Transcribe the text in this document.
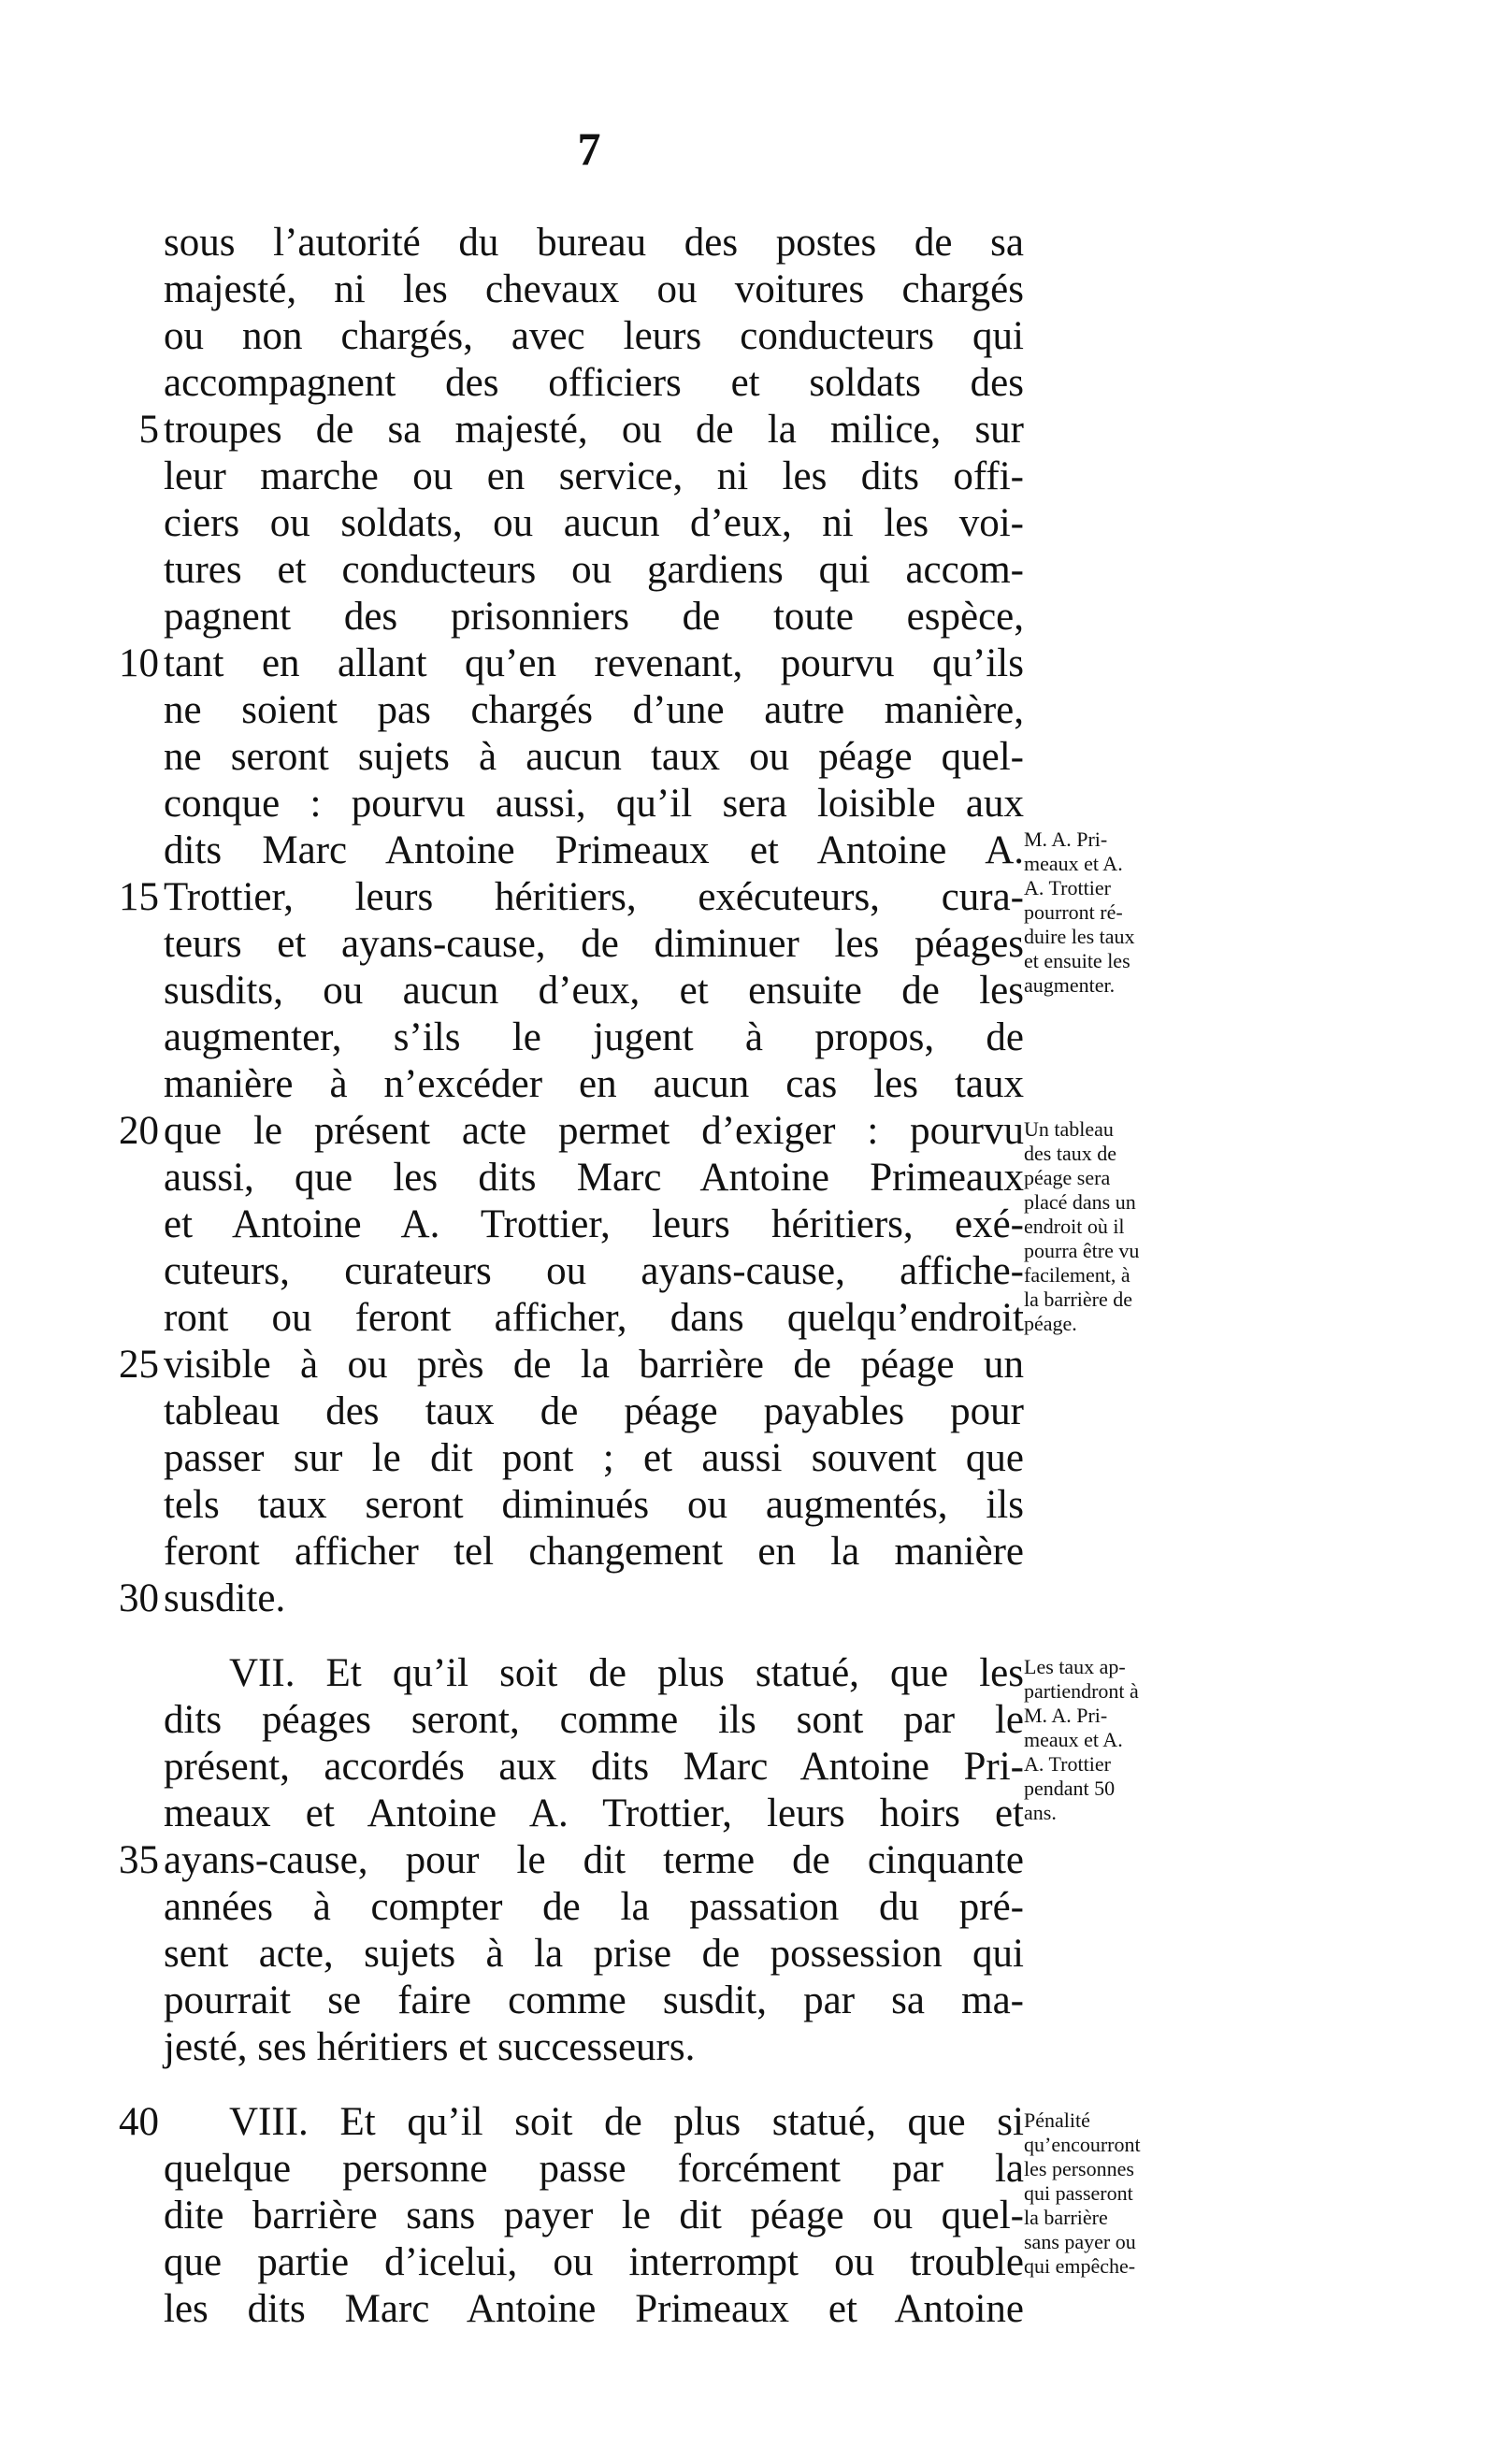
7
sous l’autorité du bureau des postes de sa
majesté, ni les chevaux ou voitures chargés
ou non chargés, avec leurs conducteurs qui
accompagnent des officiers et soldats des
troupes de sa majesté, ou de la milice, sur
5
leur marche ou en service, ni les dits offi-
ciers ou soldats, ou aucun d’eux, ni les voi-
tures et conducteurs ou gardiens qui accom-
pagnent des prisonniers de toute espèce,
tant en allant qu’en revenant, pourvu qu’ils
10
ne soient pas chargés d’une autre manière,
ne seront sujets à aucun taux ou péage quel-
conque : pourvu aussi, qu’il sera loisible aux
dits Marc Antoine Primeaux et Antoine A.
Trottier, leurs héritiers, exécuteurs, cura-
15
teurs et ayans-cause, de diminuer les péages
susdits, ou aucun d’eux, et ensuite de les
augmenter, s’ils le jugent à propos, de
manière à n’excéder en aucun cas les taux
que le présent acte permet d’exiger : pourvu
20
aussi, que les dits Marc Antoine Primeaux
et Antoine A. Trottier, leurs héritiers, exé-
cuteurs, curateurs ou ayans-cause, affiche-
ront ou feront afficher, dans quelqu’endroit
visible à ou près de la barrière de péage un
25
tableau des taux de péage payables pour
passer sur le dit pont ; et aussi souvent que
tels taux seront diminués ou augmentés, ils
feront afficher tel changement en la manière
susdite.
30
VII. Et qu’il soit de plus statué, que les
dits péages seront, comme ils sont par le
présent, accordés aux dits Marc Antoine Pri-
meaux et Antoine A. Trottier, leurs hoirs et
ayans-cause, pour le dit terme de cinquante
35
années à compter de la passation du pré-
sent acte, sujets à la prise de possession qui
pourrait se faire comme susdit, par sa ma-
jesté, ses héritiers et successeurs.
VIII. Et qu’il soit de plus statué, que si
40
quelque personne passe forcément par la
dite barrière sans payer le dit péage ou quel-
que partie d’icelui, ou interrompt ou trouble
les dits Marc Antoine Primeaux et Antoine
M. A. Pri-
meaux et A.
A. Trottier
pourront ré-
duire les taux
et ensuite les
augmenter.
Un tableau
des taux de
péage sera
placé dans un
endroit où il
pourra être vu
facilement, à
la barrière de
péage.
Les taux ap-
partiendront à
M. A. Pri-
meaux et A.
A. Trottier
pendant 50
ans.
Pénalité
qu’encourront
les personnes
qui passeront
la barrière
sans payer ou
qui empêche-
